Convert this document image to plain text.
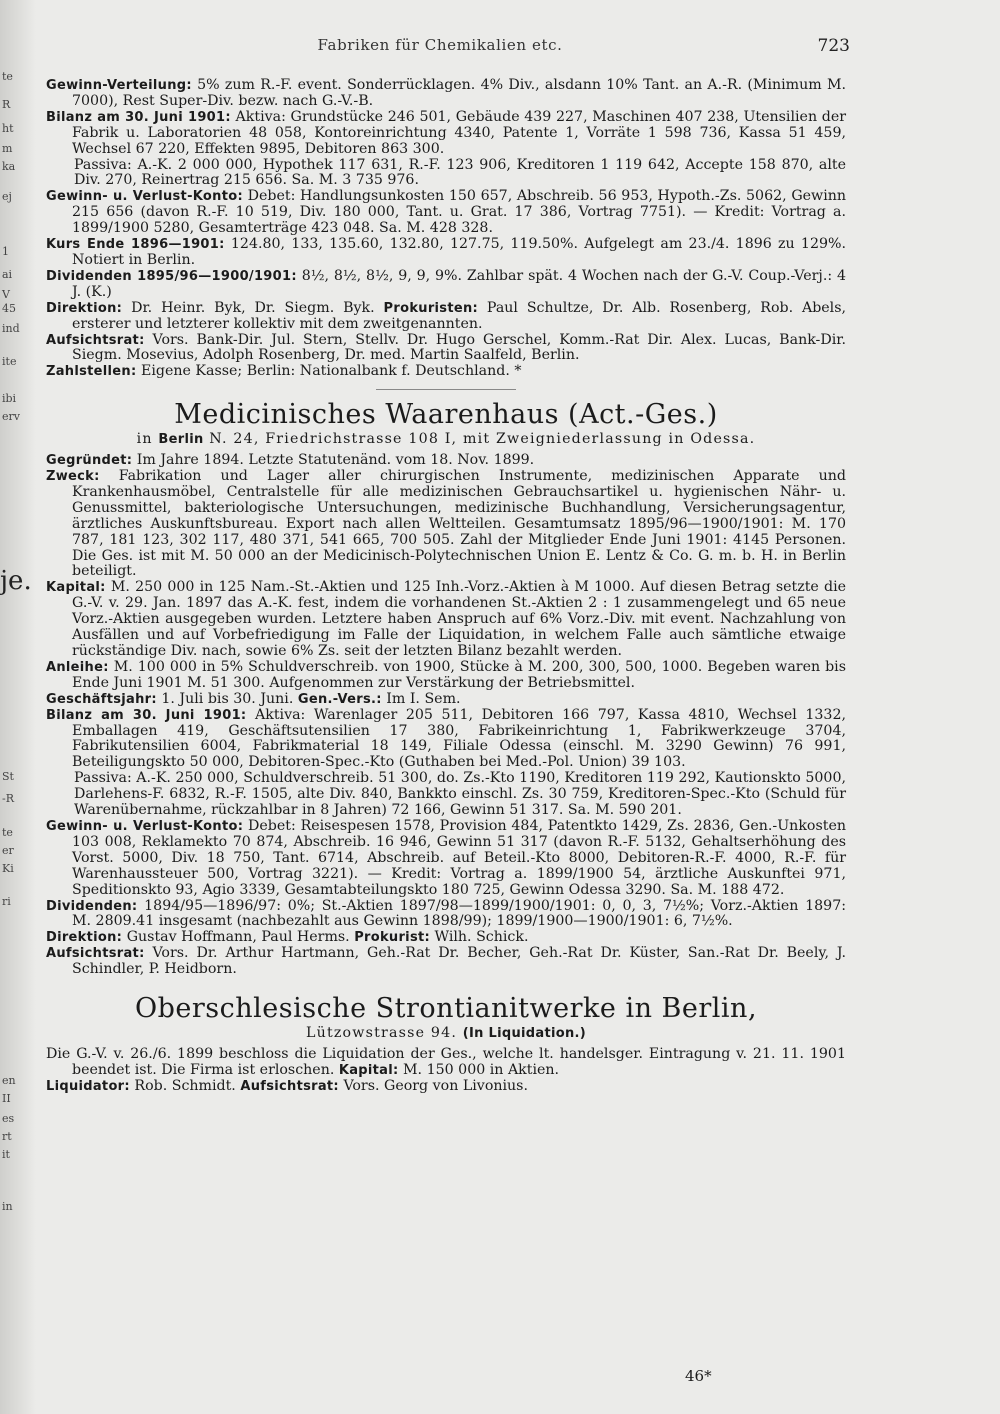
te
R
ht
m
ka
ej
1
ai
V
45
ind
ite
ibi
erv
je.
St
-R
te
er
Ki
ri
en
II
es
rt
it
in
Fabriken für Chemikalien etc.	723

Gewinn-Verteilung: 5% zum R.-F. event. Sonderrücklagen. 4% Div., alsdann 10% Tant. an A.-R. (Minimum M. 7000), Rest Super-Div. bezw. nach G.-V.-B.

Bilanz am 30. Juni 1901: Aktiva: Grundstücke 246 501, Gebäude 439 227, Maschinen 407 238, Utensilien der Fabrik u. Laboratorien 48 058, Kontoreinrichtung 4340, Patente 1, Vorräte 1 598 736, Kassa 51 459, Wechsel 67 220, Effekten 9895, Debitoren 863 300.

Passiva: A.-K. 2 000 000, Hypothek 117 631, R.-F. 123 906, Kreditoren 1 119 642, Accepte 158 870, alte Div. 270, Reinertrag 215 656. Sa. M. 3 735 976.

Gewinn- u. Verlust-Konto: Debet: Handlungsunkosten 150 657, Abschreib. 56 953, Hypoth.-Zs. 5062, Gewinn 215 656 (davon R.-F. 10 519, Div. 180 000, Tant. u. Grat. 17 386, Vortrag 7751). — Kredit: Vortrag a. 1899/1900 5280, Gesamterträge 423 048. Sa. M. 428 328.

Kurs Ende 1896—1901: 124.80, 133, 135.60, 132.80, 127.75, 119.50%. Aufgelegt am 23./4. 1896 zu 129%. Notiert in Berlin.

Dividenden 1895/96—1900/1901: 8½, 8½, 8½, 9, 9, 9%. Zahlbar spät. 4 Wochen nach der G.-V. Coup.-Verj.: 4 J. (K.)

Direktion: Dr. Heinr. Byk, Dr. Siegm. Byk. Prokuristen: Paul Schultze, Dr. Alb. Rosenberg, Rob. Abels, ersterer und letzterer kollektiv mit dem zweitgenannten.

Aufsichtsrat: Vors. Bank-Dir. Jul. Stern, Stellv. Dr. Hugo Gerschel, Komm.-Rat Dir. Alex. Lucas, Bank-Dir. Siegm. Mosevius, Adolph Rosenberg, Dr. med. Martin Saalfeld, Berlin.

Zahlstellen: Eigene Kasse; Berlin: Nationalbank f. Deutschland. *

Medicinisches Waarenhaus (Act.-Ges.)
in Berlin N. 24, Friedrichstrasse 108 I, mit Zweigniederlassung in Odessa.

Gegründet: Im Jahre 1894. Letzte Statutenänd. vom 18. Nov. 1899.

Zweck: Fabrikation und Lager aller chirurgischen Instrumente, medizinischen Apparate und Krankenhausmöbel, Centralstelle für alle medizinischen Gebrauchsartikel u. hygienischen Nähr- u. Genussmittel, bakteriologische Untersuchungen, medizinische Buchhandlung, Versicherungsagentur, ärztliches Auskunftsbureau. Export nach allen Weltteilen. Gesamtumsatz 1895/96—1900/1901: M. 170 787, 181 123, 302 117, 480 371, 541 665, 700 505. Zahl der Mitglieder Ende Juni 1901: 4145 Personen. Die Ges. ist mit M. 50 000 an der Medicinisch-Polytechnischen Union E. Lentz & Co. G. m. b. H. in Berlin beteiligt.

Kapital: M. 250 000 in 125 Nam.-St.-Aktien und 125 Inh.-Vorz.-Aktien à M 1000. Auf diesen Betrag setzte die G.-V. v. 29. Jan. 1897 das A.-K. fest, indem die vorhandenen St.-Aktien 2 : 1 zusammengelegt und 65 neue Vorz.-Aktien ausgegeben wurden. Letztere haben Anspruch auf 6% Vorz.-Div. mit event. Nachzahlung von Ausfällen und auf Vorbefriedigung im Falle der Liquidation, in welchem Falle auch sämtliche etwaige rückständige Div. nach, sowie 6% Zs. seit der letzten Bilanz bezahlt werden.

Anleihe: M. 100 000 in 5% Schuldverschreib. von 1900, Stücke à M. 200, 300, 500, 1000. Begeben waren bis Ende Juni 1901 M. 51 300. Aufgenommen zur Verstärkung der Betriebsmittel.

Geschäftsjahr: 1. Juli bis 30. Juni. Gen.-Vers.: Im I. Sem.

Bilanz am 30. Juni 1901: Aktiva: Warenlager 205 511, Debitoren 166 797, Kassa 4810, Wechsel 1332, Emballagen 419, Geschäftsutensilien 17 380, Fabrikeinrichtung 1, Fabrikwerkzeuge 3704, Fabrikutensilien 6004, Fabrikmaterial 18 149, Filiale Odessa (einschl. M. 3290 Gewinn) 76 991, Beteiligungskto 50 000, Debitoren-Spec.-Kto (Guthaben bei Med.-Pol. Union) 39 103.

Passiva: A.-K. 250 000, Schuldverschreib. 51 300, do. Zs.-Kto 1190, Kreditoren 119 292, Kautionskto 5000, Darlehens-F. 6832, R.-F. 1505, alte Div. 840, Bankkto einschl. Zs. 30 759, Kreditoren-Spec.-Kto (Schuld für Warenübernahme, rückzahlbar in 8 Jahren) 72 166, Gewinn 51 317. Sa. M. 590 201.

Gewinn- u. Verlust-Konto: Debet: Reisespesen 1578, Provision 484, Patentkto 1429, Zs. 2836, Gen.-Unkosten 103 008, Reklamekto 70 874, Abschreib. 16 946, Gewinn 51 317 (davon R.-F. 5132, Gehaltserhöhung des Vorst. 5000, Div. 18 750, Tant. 6714, Abschreib. auf Beteil.-Kto 8000, Debitoren-R.-F. 4000, R.-F. für Warenhaussteuer 500, Vortrag 3221). — Kredit: Vortrag a. 1899/1900 54, ärztliche Auskunftei 971, Speditionskto 93, Agio 3339, Gesamtabteilungskto 180 725, Gewinn Odessa 3290. Sa. M. 188 472.

Dividenden: 1894/95—1896/97: 0%; St.-Aktien 1897/98—1899/1900/1901: 0, 0, 3, 7½%; Vorz.-Aktien 1897: M. 2809.41 insgesamt (nachbezahlt aus Gewinn 1898/99); 1899/1900—1900/1901: 6, 7½%.

Direktion: Gustav Hoffmann, Paul Herms. Prokurist: Wilh. Schick.

Aufsichtsrat: Vors. Dr. Arthur Hartmann, Geh.-Rat Dr. Becher, Geh.-Rat Dr. Küster, San.-Rat Dr. Beely, J. Schindler, P. Heidborn.

Oberschlesische Strontianitwerke in Berlin,
Lützowstrasse 94. (In Liquidation.)

Die G.-V. v. 26./6. 1899 beschloss die Liquidation der Ges., welche lt. handelsger. Eintragung v. 21. 11. 1901 beendet ist. Die Firma ist erloschen. Kapital: M. 150 000 in Aktien.

Liquidator: Rob. Schmidt. Aufsichtsrat: Vors. Georg von Livonius.

46*
